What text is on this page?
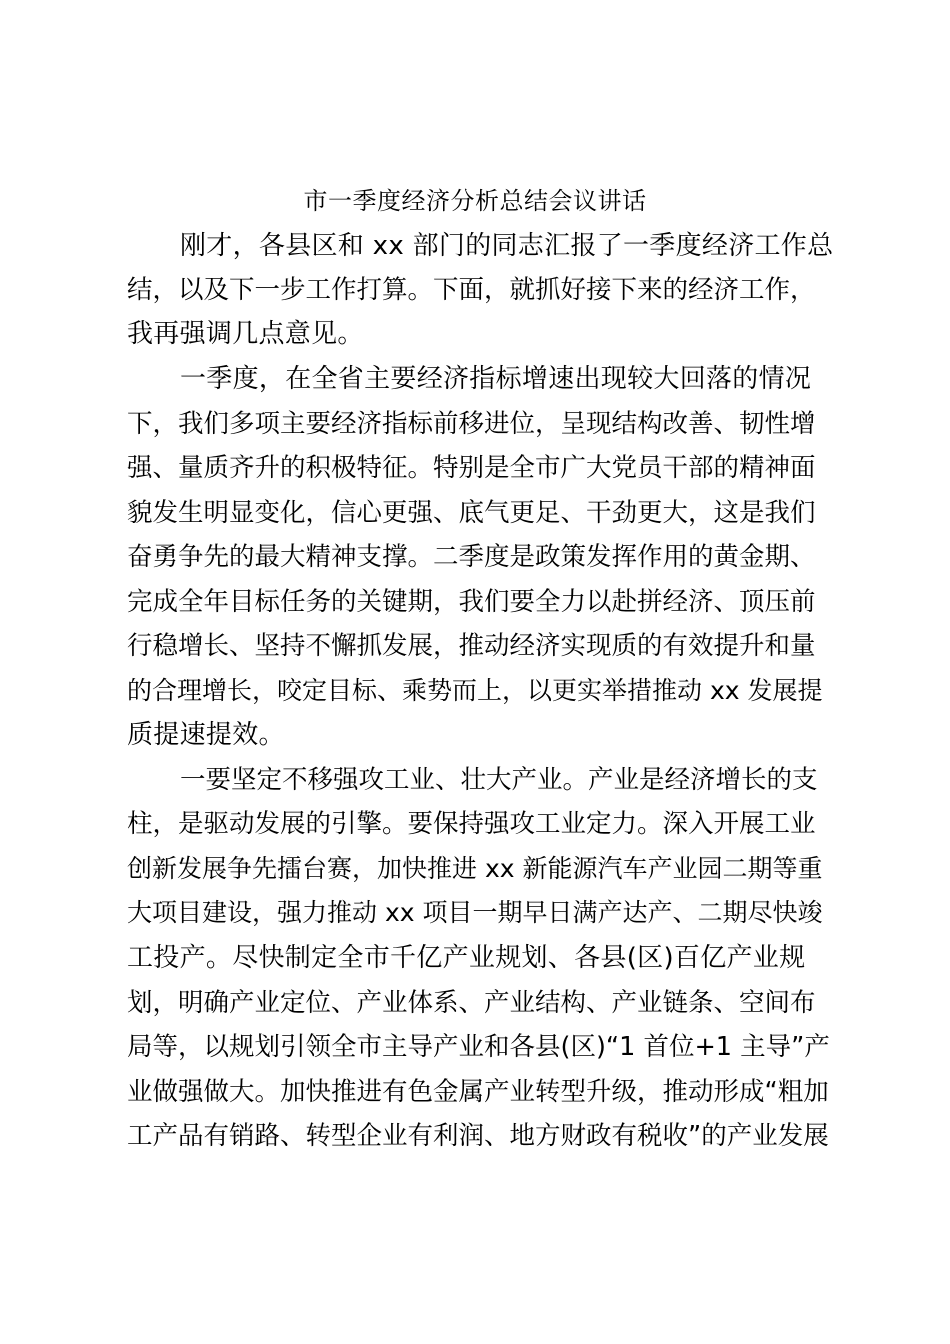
市一季度经济分析总结会议讲话
刚才，各县区和 xx 部门的同志汇报了一季度经济工作总
结，以及下一步工作打算。下面，就抓好接下来的经济工作，
我再强调几点意见。
一季度，在全省主要经济指标增速出现较大回落的情况
下，我们多项主要经济指标前移进位，呈现结构改善、韧性增
强、量质齐升的积极特征。特别是全市广大党员干部的精神面
貌发生明显变化，信心更强、底气更足、干劲更大，这是我们
奋勇争先的最大精神支撑。二季度是政策发挥作用的黄金期、
完成全年目标任务的关键期，我们要全力以赴拼经济、顶压前
行稳增长、坚持不懈抓发展，推动经济实现质的有效提升和量
的合理增长，咬定目标、乘势而上，以更实举措推动 xx 发展提
质提速提效。
一要坚定不移强攻工业、壮大产业。产业是经济增长的支
柱，是驱动发展的引擎。要保持强攻工业定力。深入开展工业
创新发展争先擂台赛，加快推进 xx 新能源汽车产业园二期等重
大项目建设，强力推动 xx 项目一期早日满产达产、二期尽快竣
工投产。尽快制定全市千亿产业规划、各县(区)百亿产业规
划，明确产业定位、产业体系、产业结构、产业链条、空间布
局等，以规划引领全市主导产业和各县(区)“1 首位+1 主导”产
业做强做大。加快推进有色金属产业转型升级，推动形成“粗加
工产品有销路、转型企业有利润、地方财政有税收”的产业发展
